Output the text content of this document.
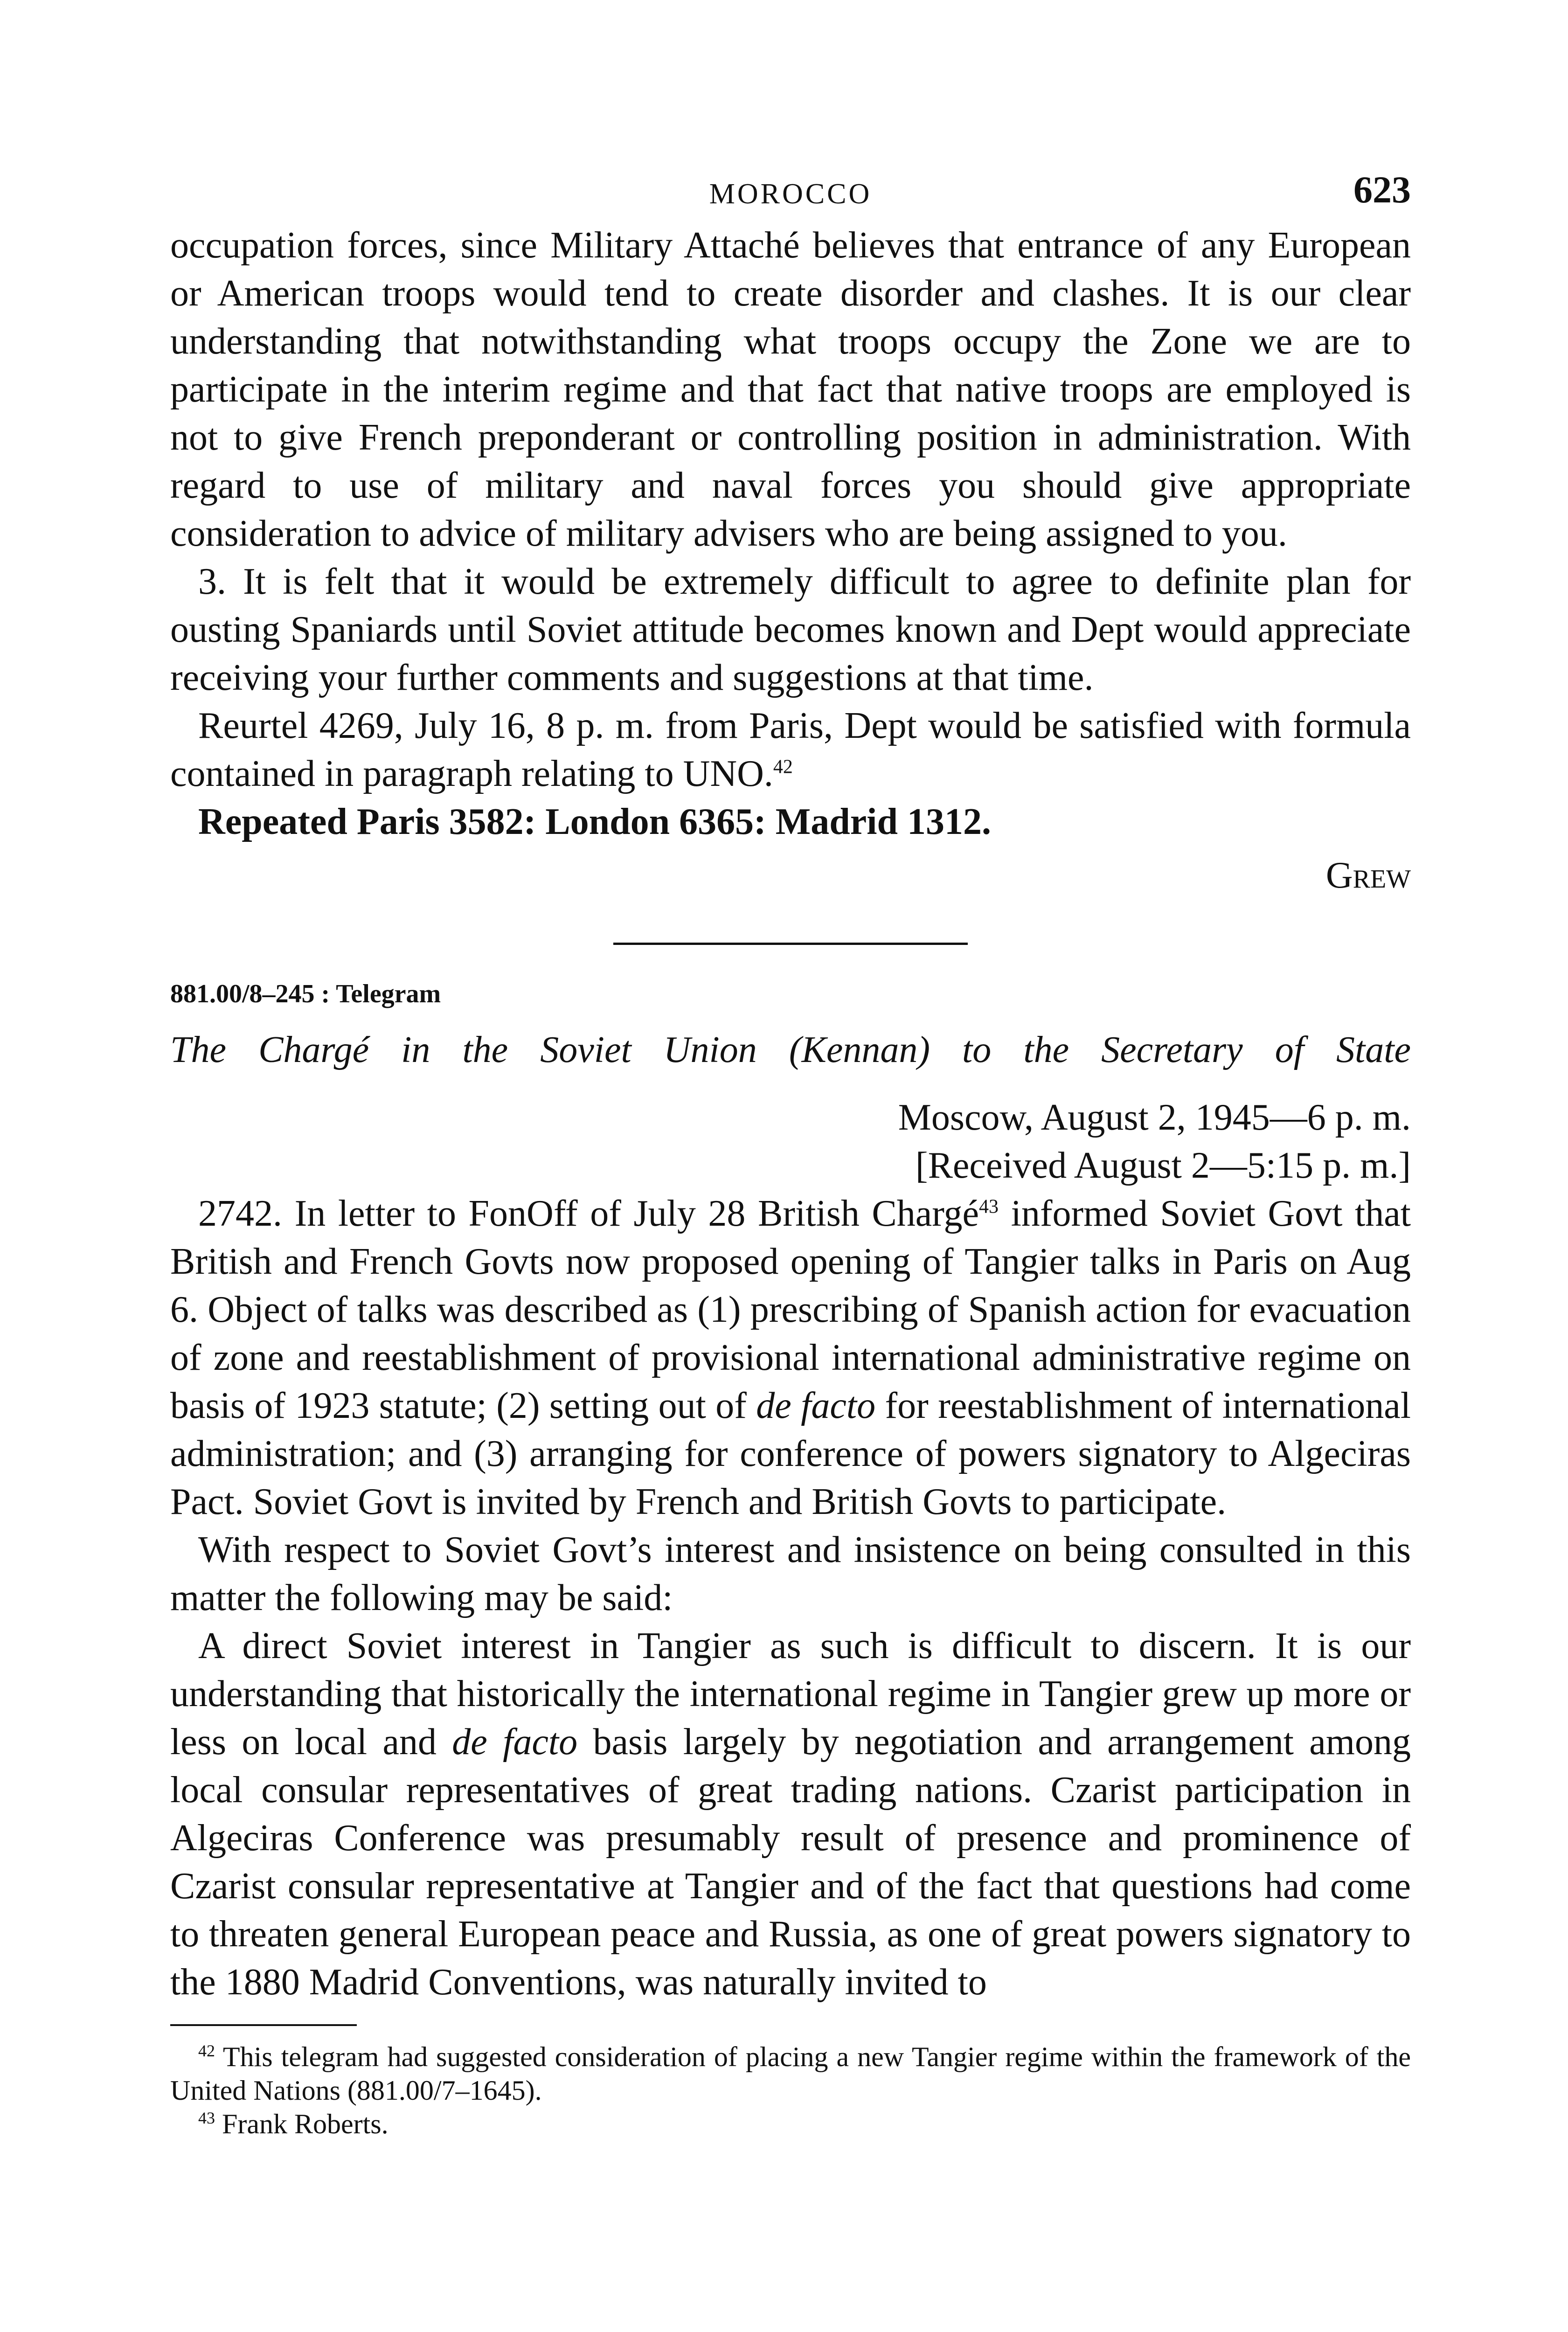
MOROCCO	623

occupation forces, since Military Attaché believes that entrance of any European or American troops would tend to create disorder and clashes. It is our clear understanding that notwithstanding what troops occupy the Zone we are to participate in the interim regime and that fact that native troops are employed is not to give French preponderant or controlling position in administration. With regard to use of military and naval forces you should give appropriate consideration to advice of military advisers who are being assigned to you.

3. It is felt that it would be extremely difficult to agree to definite plan for ousting Spaniards until Soviet attitude becomes known and Dept would appreciate receiving your further comments and suggestions at that time.

Reurtel 4269, July 16, 8 p. m. from Paris, Dept would be satisfied with formula contained in paragraph relating to UNO.$^{42}$

Repeated Paris 3582: London 6365: Madrid 1312.

Grew
881.00/8–245 : Telegram
The Chargé in the Soviet Union (Kennan) to the Secretary of State
Moscow, August 2, 1945—6 p. m.
[Received August 2—5:15 p. m.]

2742. In letter to FonOff of July 28 British Chargé$^{43}$ informed Soviet Govt that British and French Govts now proposed opening of Tangier talks in Paris on Aug 6. Object of talks was described as (1) prescribing of Spanish action for evacuation of zone and reestablishment of provisional international administrative regime on basis of 1923 statute; (2) setting out of de facto for reestablishment of international administration; and (3) arranging for conference of powers signatory to Algeciras Pact. Soviet Govt is invited by French and British Govts to participate.

With respect to Soviet Govt’s interest and insistence on being consulted in this matter the following may be said:

A direct Soviet interest in Tangier as such is difficult to discern. It is our understanding that historically the international regime in Tangier grew up more or less on local and de facto basis largely by negotiation and arrangement among local consular representatives of great trading nations. Czarist participation in Algeciras Conference was presumably result of presence and prominence of Czarist consular representative at Tangier and of the fact that questions had come to threaten general European peace and Russia, as one of great powers signatory to the 1880 Madrid Conventions, was naturally invited to

$^{42}$ This telegram had suggested consideration of placing a new Tangier regime within the framework of the United Nations (881.00/7–1645).

$^{43}$ Frank Roberts.
